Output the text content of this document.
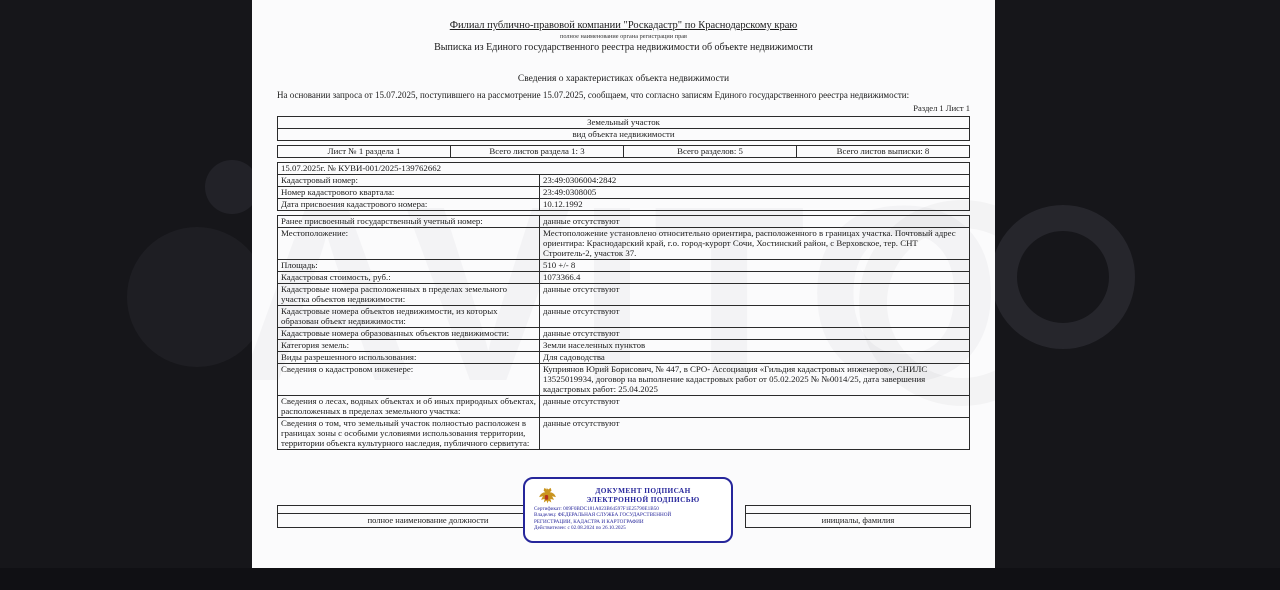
Филиал публично-правовой компании "Роскадастр" по Краснодарскому краю
полное наименование органа регистрации прав
Выписка из Единого государственного реестра недвижимости об объекте недвижимости
Сведения о характеристиках объекта недвижимости
На основании запроса от 15.07.2025, поступившего на рассмотрение 15.07.2025, сообщаем, что согласно записям Единого государственного реестра недвижимости:
Раздел 1 Лист 1
Земельный участок
вид объекта недвижимости
Лист № 1 раздела 1	Всего листов раздела 1: 3	Всего разделов: 5	Всего листов выписки: 8
15.07.2025г. № КУВИ-001/2025-139762662	
Кадастровый номер:	23:49:0306004:2842
Номер кадастрового квартала:	23:49:0308005
Дата присвоения кадастрового номера:	10.12.1992
Ранее присвоенный государственный учетный номер:	данные отсутствуют
Местоположение:	Местоположение установлено относительно ориентира, расположенного в границах участка. Почтовый адрес ориентира: Краснодарский край, г.о. город-курорт Сочи, Хостинский район, с Верховское, тер. СНТ Строитель-2, участок 37.
Площадь:	510 +/- 8
Кадастровая стоимость, руб.:	1073366.4
Кадастровые номера расположенных в пределах земельного участка объектов недвижимости:	данные отсутствуют
Кадастровые номера объектов недвижимости, из которых образован объект недвижимости:	данные отсутствуют
Кадастровые номера образованных объектов недвижимости:	данные отсутствуют
Категория земель:	Земли населенных пунктов
Виды разрешенного использования:	Для садоводства
Сведения о кадастровом инженере:	Куприянов Юрий Борисович, № 447, в СРО- Ассоциация «Гильдия кадастровых инженеров», СНИЛС 13525019934, договор на выполнение кадастровых работ от 05.02.2025 № №0014/25, дата завершения кадастровых работ: 25.04.2025
Сведения о лесах, водных объектах и об иных природных объектах, расположенных в пределах земельного участка:	данные отсутствуют
Сведения о том, что земельный участок полностью расположен в границах зоны с особыми условиями использования территории, территории объекта культурного наследия, публичного сервитута:	данные отсутствуют
полное наименование должности	инициалы, фамилия
ДОКУМЕНТ ПОДПИСАН
ЭЛЕКТРОННОЙ ПОДПИСЬЮ
Сертификат: 009F0BDC181A023B64597F1E25790E1B50
Владелец: ФЕДЕРАЛЬНАЯ СЛУЖБА ГОСУДАРСТВЕННОЙ
РЕГИСТРАЦИИ, КАДАСТРА И КАРТОГРАФИИ
Действителен: с 02.08.2024 по 26.10.2025
